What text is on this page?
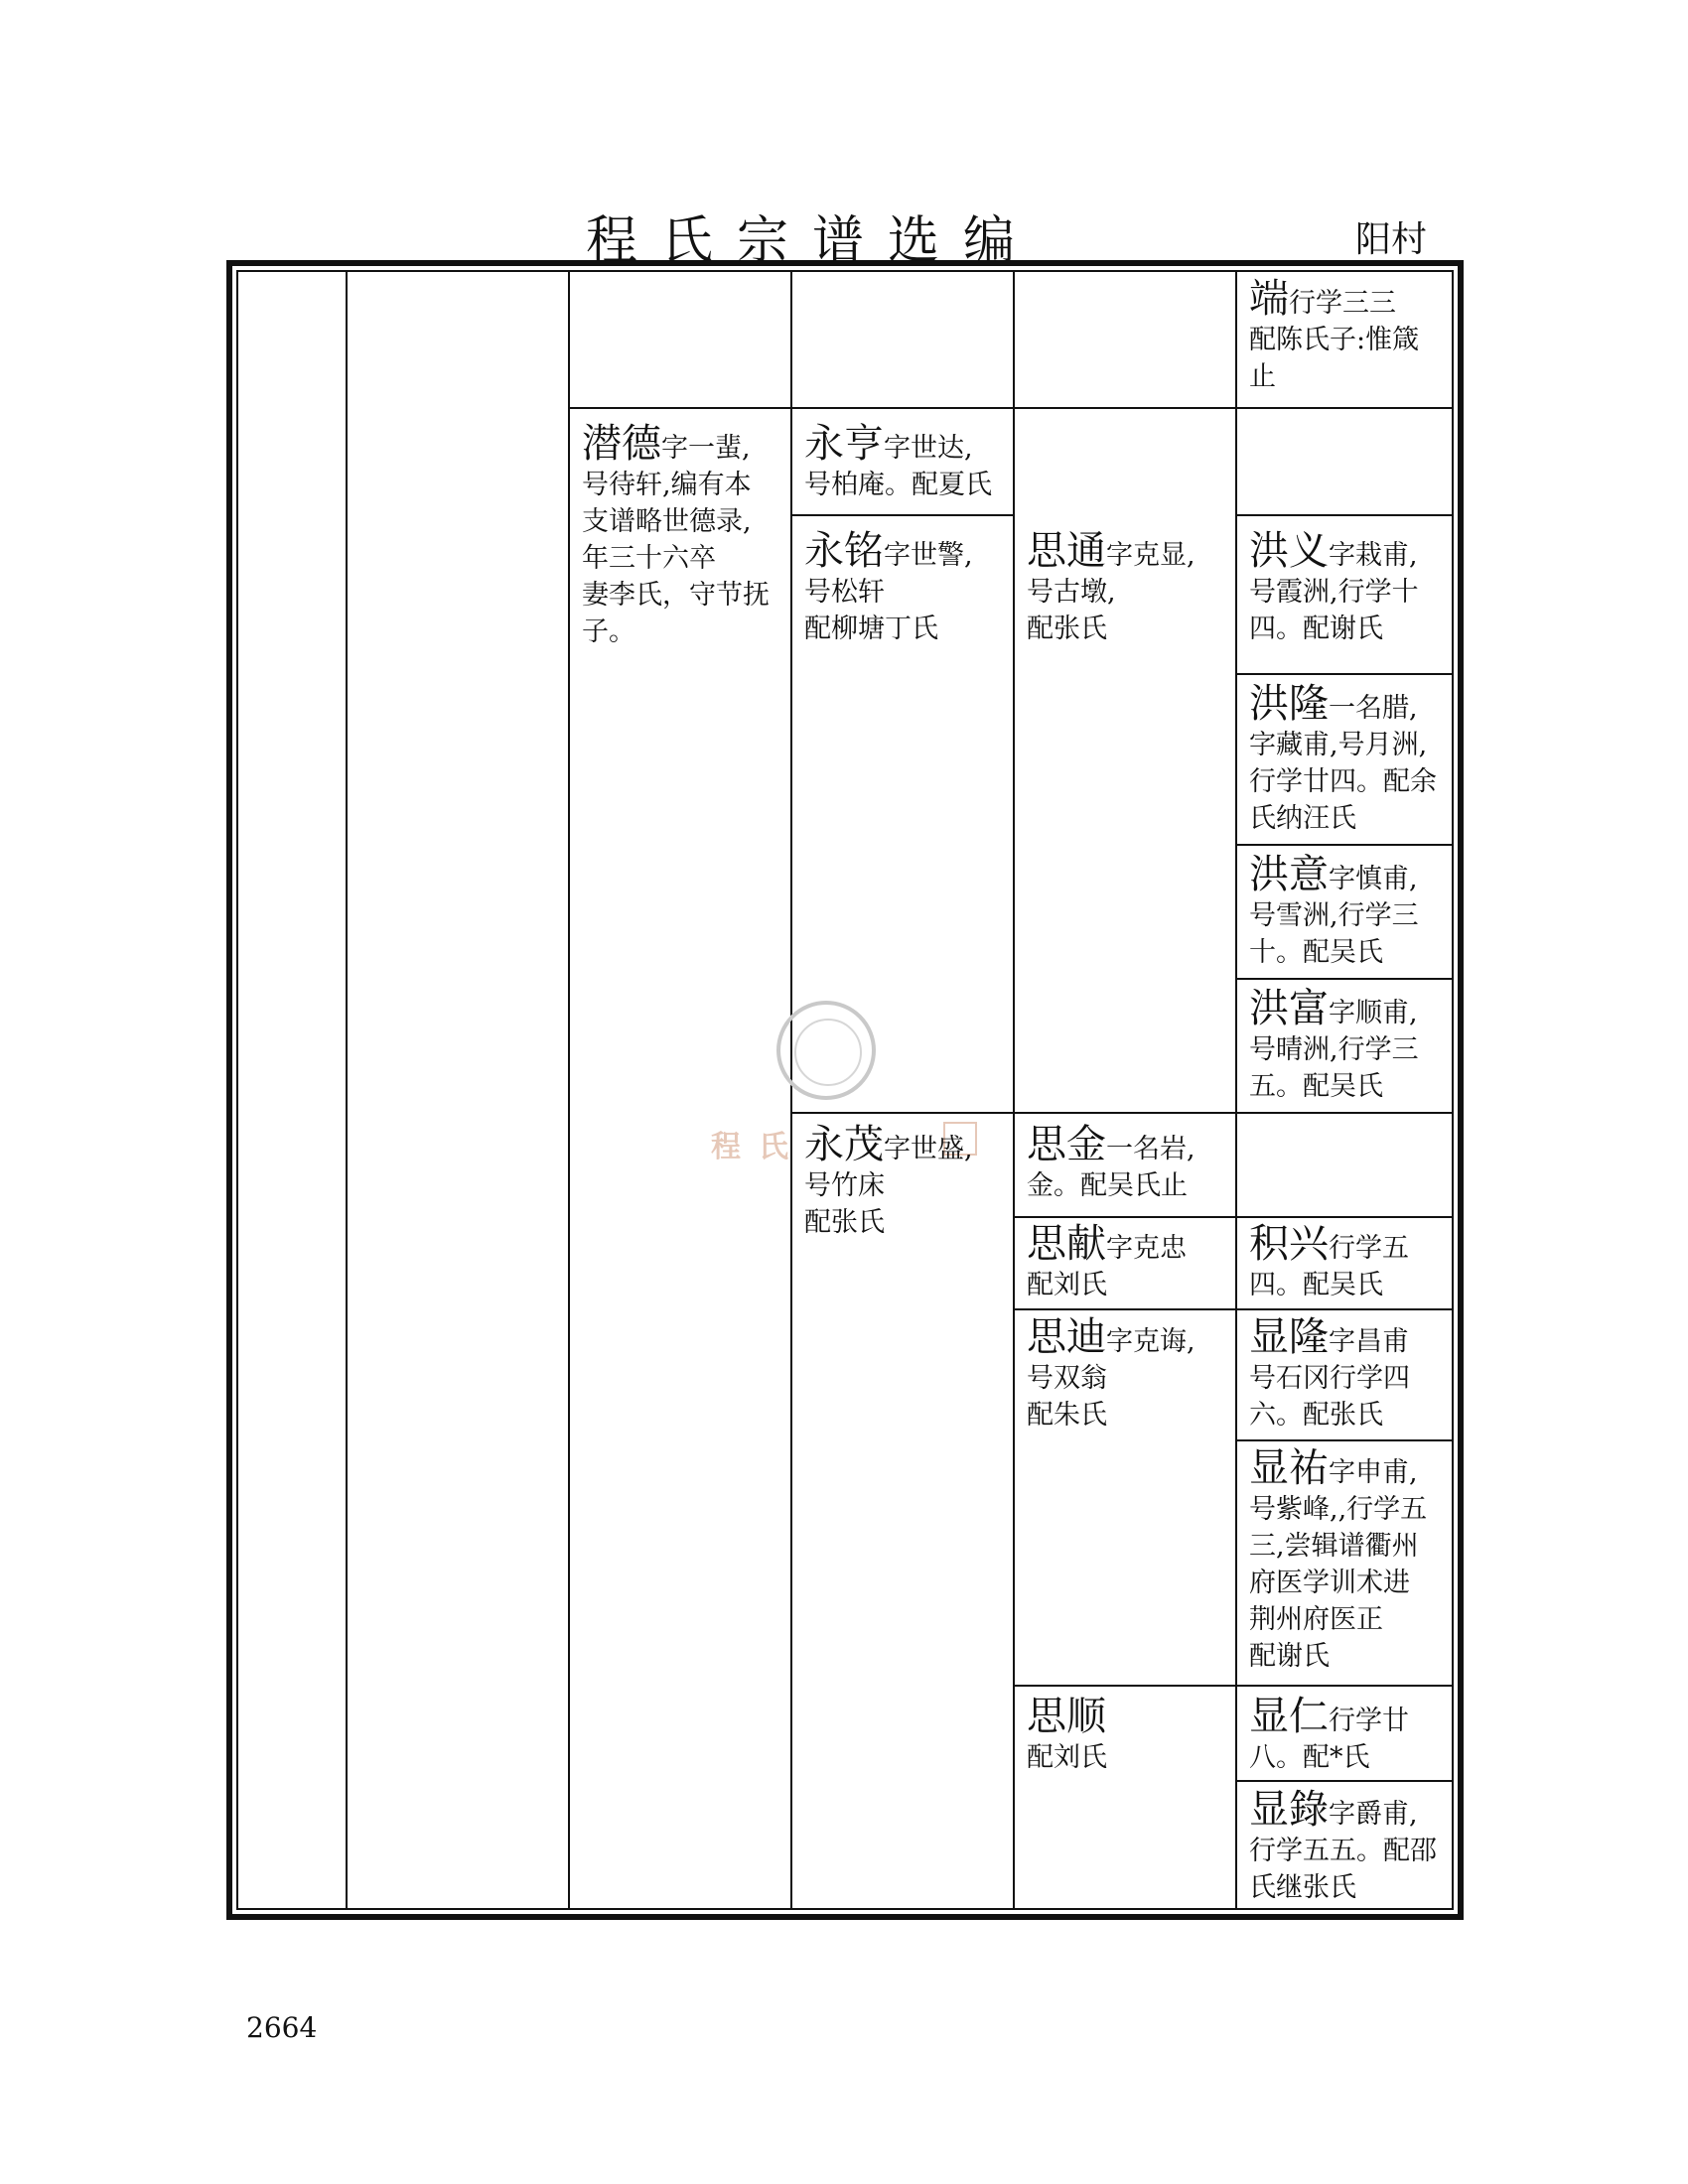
程氏宗谱选编	阳村
程氏
端行学三三
配陈氏子:惟箴
止
潜德字一蜚,
号待轩,编有本
支谱略世德录,
年三十六卒
妻李氏，守节抚
子。
永亨字世达,
号柏庵。配夏氏
永铭字世警,
号松轩
配柳塘丁氏
思通字克显,
号古墩,
配张氏
洪义字栽甫,
号霞洲,行学十
四。配谢氏
洪隆一名腊,
字藏甫,号月洲,
行学廿四。配余
氏纳汪氏
洪意字慎甫,
号雪洲,行学三
十。配吴氏
洪富字顺甫,
号晴洲,行学三
五。配吴氏
永茂字世盛,
号竹床
配张氏
思金一名岩,
金。配吴氏止
思献字克忠
配刘氏
积兴行学五
四。配吴氏
思迪字克诲,
号双翁
配朱氏
显隆字昌甫
号石冈行学四
六。配张氏
显祐字申甫,
号紫峰,,行学五
三,尝辑谱衢州
府医学训术进
荆州府医正
配谢氏
思顺
配刘氏
显仁行学廿
八。配*氏
显錄字爵甫,
行学五五。配邵
氏继张氏
2664
